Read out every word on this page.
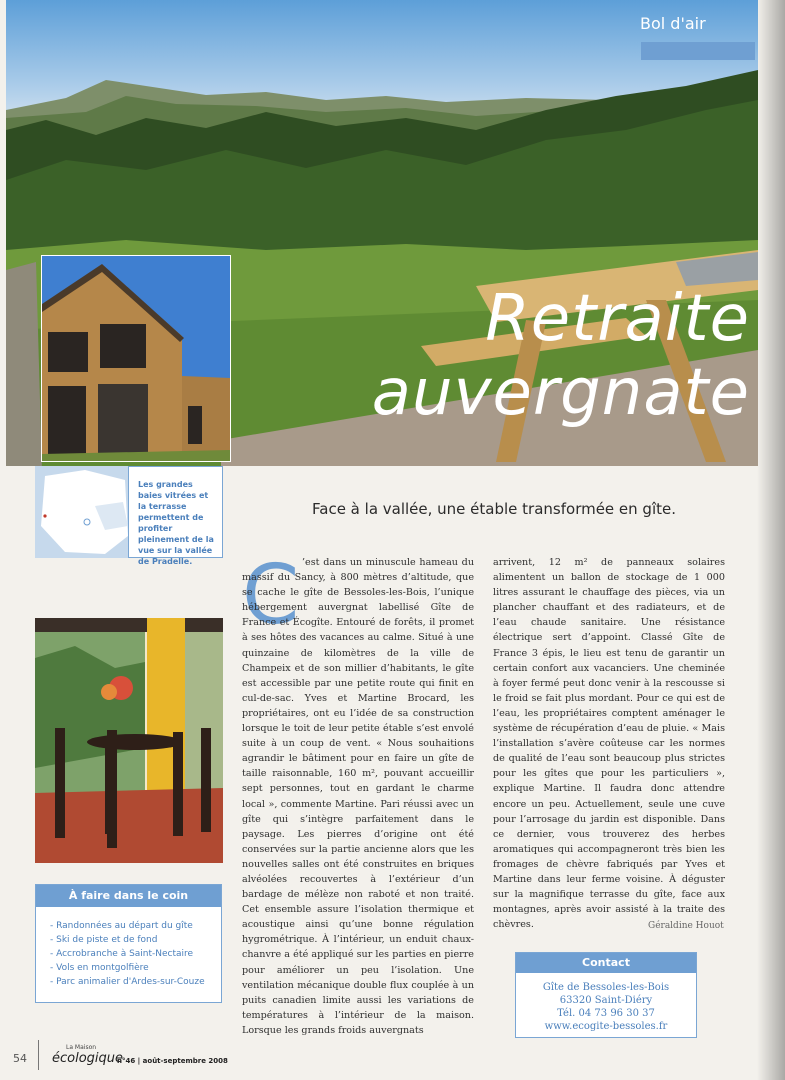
Bol d'air
Retraite
auvergnate

Les grandes baies vitrées et la terrasse permettent de profiter pleinement de la vue sur la vallée de Pradelle.

Face à la vallée, une étable transformée en gîte.
À faire dans le coin
- Randonnées au départ du gîte
- Ski de piste et de fond
- Accrobranche à Saint-Nectaire
- Vols en montgolfière
- Parc animalier d'Ardes-sur-Couze
C ’est dans un minuscule hameau du massif du Sancy, à 800 mètres d’altitude, que se cache le gîte de Bessoles-les-Bois, l’unique hébergement auvergnat labellisé Gîte de France et Écogîte. Entouré de forêts, il promet à ses hôtes des vacances au calme. Situé à une quinzaine de kilomètres de la ville de Champeix et de son millier d’habitants, le gîte est accessible par une petite route qui finit en cul-de-sac. Yves et Martine Brocard, les propriétaires, ont eu l’idée de sa construction lorsque le toit de leur petite étable s’est envolé suite à un coup de vent. « Nous souhaitions agrandir le bâtiment pour en faire un gîte de taille raisonnable, 160 m², pouvant accueillir sept personnes, tout en gardant le charme local », commente Martine. Pari réussi avec un gîte qui s’intègre parfaitement dans le paysage. Les pierres d’origine ont été conservées sur la partie ancienne alors que les nouvelles salles ont été construites en briques alvéolées recouvertes à l’extérieur d’un bardage de mélèze non raboté et non traité. Cet ensemble assure l’isolation thermique et acoustique ainsi qu’une bonne régulation hygrométrique. À l’intérieur, un enduit chaux-chanvre a été appliqué sur les parties en pierre pour améliorer un peu l’isolation. Une ventilation mécanique double flux couplée à un puits canadien limite aussi les variations de températures à l’intérieur de la maison. Lorsque les grands froids auvergnats

arrivent, 12 m² de panneaux solaires alimentent un ballon de stockage de 1 000 litres assurant le chauffage des pièces, via un plancher chauffant et des radiateurs, et de l’eau chaude sanitaire. Une résistance électrique sert d’appoint. Classé Gîte de France 3 épis, le lieu est tenu de garantir un certain confort aux vacanciers. Une cheminée à foyer fermé peut donc venir à la rescousse si le froid se fait plus mordant. Pour ce qui est de l’eau, les propriétaires comptent aménager le système de récupération d’eau de pluie. « Mais l’installation s’avère coûteuse car les normes de qualité de l’eau sont beaucoup plus strictes pour les gîtes que pour les particuliers », explique Martine. Il faudra donc attendre encore un peu. Actuellement, seule une cuve pour l’arrosage du jardin est disponible. Dans ce dernier, vous trouverez des herbes aromatiques qui accompagneront très bien les fromages de chèvre fabriqués par Yves et Martine dans leur ferme voisine. À déguster sur la magnifique terrasse du gîte, face aux montagnes, après avoir assisté à la traite des chèvres.	Géraldine Houot
Contact
Gîte de Bessoles-les-Bois
63320 Saint-Diéry
Tél. 04 73 96 30 37
www.ecogite-bessoles.fr
54
La Maison
écologique
n°46 | août-septembre 2008
